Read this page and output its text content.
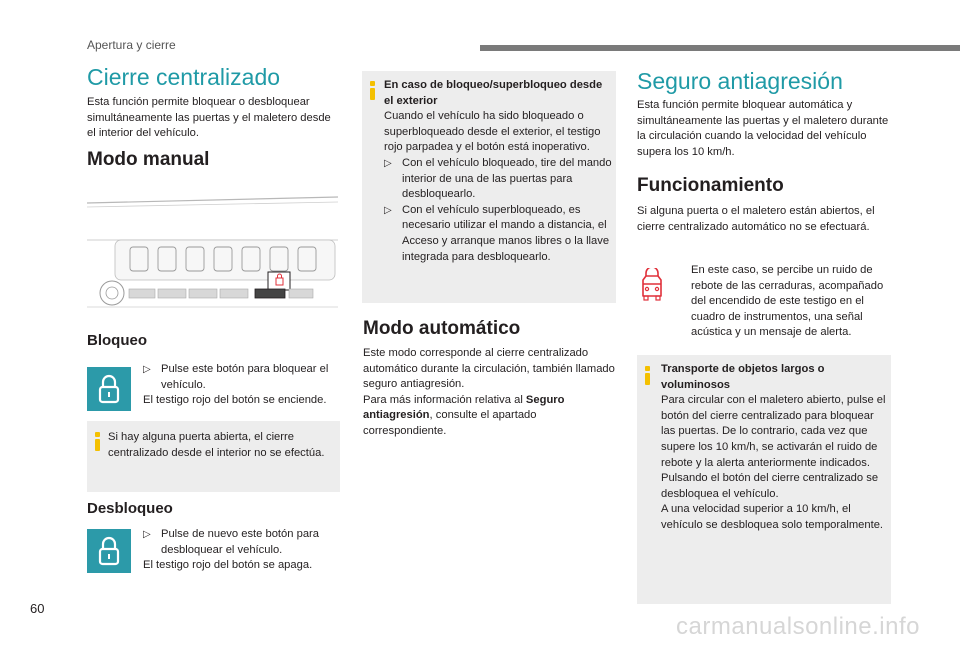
Apertura y cierre
Cierre centralizado
Esta función permite bloquear o desbloquear simultáneamente las puertas y el maletero desde el interior del vehículo.
Modo manual
Bloqueo
▷ Pulse este botón para bloquear el vehículo.
El testigo rojo del botón se enciende.
Si hay alguna puerta abierta, el cierre centralizado desde el interior no se efectúa.
Desbloqueo
▷ Pulse de nuevo este botón para desbloquear el vehículo.
El testigo rojo del botón se apaga.
En caso de bloqueo/superbloqueo desde el exterior
Cuando el vehículo ha sido bloqueado o superbloqueado desde el exterior, el testigo rojo parpadea y el botón está inoperativo.
▷ Con el vehículo bloqueado, tire del mando interior de una de las puertas para desbloquearlo.
▷ Con el vehículo superbloqueado, es necesario utilizar el mando a distancia, el Acceso y arranque manos libres o la llave integrada para desbloquearlo.
Modo automático
Este modo corresponde al cierre centralizado automático durante la circulación, también llamado seguro antiagresión.
Para más información relativa al Seguro antiagresión, consulte el apartado correspondiente.
Seguro antiagresión
Esta función permite bloquear automática y simultáneamente las puertas y el maletero durante la circulación cuando la velocidad del vehículo supera los 10 km/h.
Funcionamiento
Si alguna puerta o el maletero están abiertos, el cierre centralizado automático no se efectuará.
En este caso, se percibe un ruido de rebote de las cerraduras, acompañado del encendido de este testigo en el cuadro de instrumentos, una señal acústica y un mensaje de alerta.
Transporte de objetos largos o voluminosos
Para circular con el maletero abierto, pulse el botón del cierre centralizado para bloquear las puertas. De lo contrario, cada vez que supere los 10 km/h, se activarán el ruido de rebote y la alerta anteriormente indicados.
Pulsando el botón del cierre centralizado se desbloquea el vehículo.
A una velocidad superior a 10 km/h, el vehículo se desbloquea solo temporalmente.
60
carmanualsonline.info
